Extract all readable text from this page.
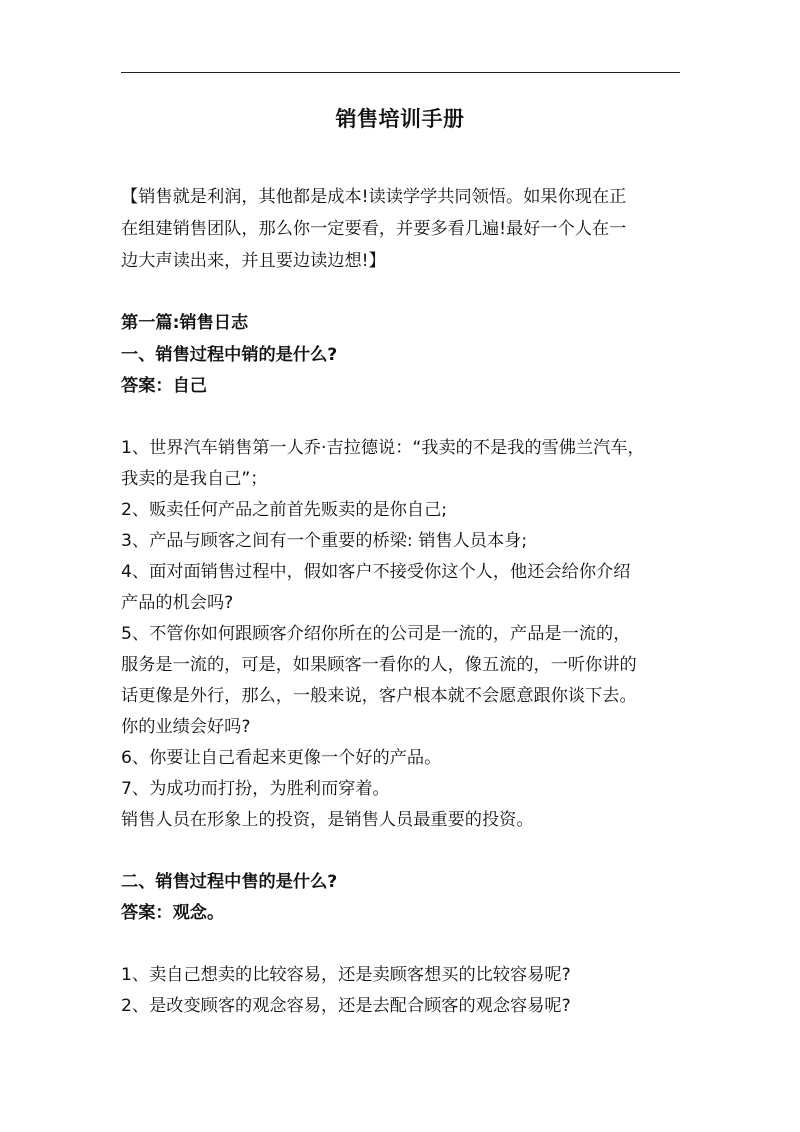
销售培训手册
【销售就是利润，其他都是成本!读读学学共同领悟。如果你现在正
在组建销售团队，那么你一定要看，并要多看几遍!最好一个人在一
边大声读出来，并且要边读边想!】
第一篇:销售日志
一、销售过程中销的是什么?
答案：自己
1、世界汽车销售第一人乔·吉拉德说：“我卖的不是我的雪佛兰汽车，
我卖的是我自己”；
2、贩卖任何产品之前首先贩卖的是你自己;
3、产品与顾客之间有一个重要的桥梁: 销售人员本身;
4、面对面销售过程中，假如客户不接受你这个人，他还会给你介绍
产品的机会吗?
5、不管你如何跟顾客介绍你所在的公司是一流的，产品是一流的，
服务是一流的，可是，如果顾客一看你的人，像五流的，一听你讲的
话更像是外行，那么，一般来说，客户根本就不会愿意跟你谈下去。
你的业绩会好吗?
6、你要让自己看起来更像一个好的产品。
7、为成功而打扮，为胜利而穿着。
销售人员在形象上的投资，是销售人员最重要的投资。
二、销售过程中售的是什么?
答案：观念。
1、卖自己想卖的比较容易，还是卖顾客想买的比较容易呢?
2、是改变顾客的观念容易，还是去配合顾客的观念容易呢?
